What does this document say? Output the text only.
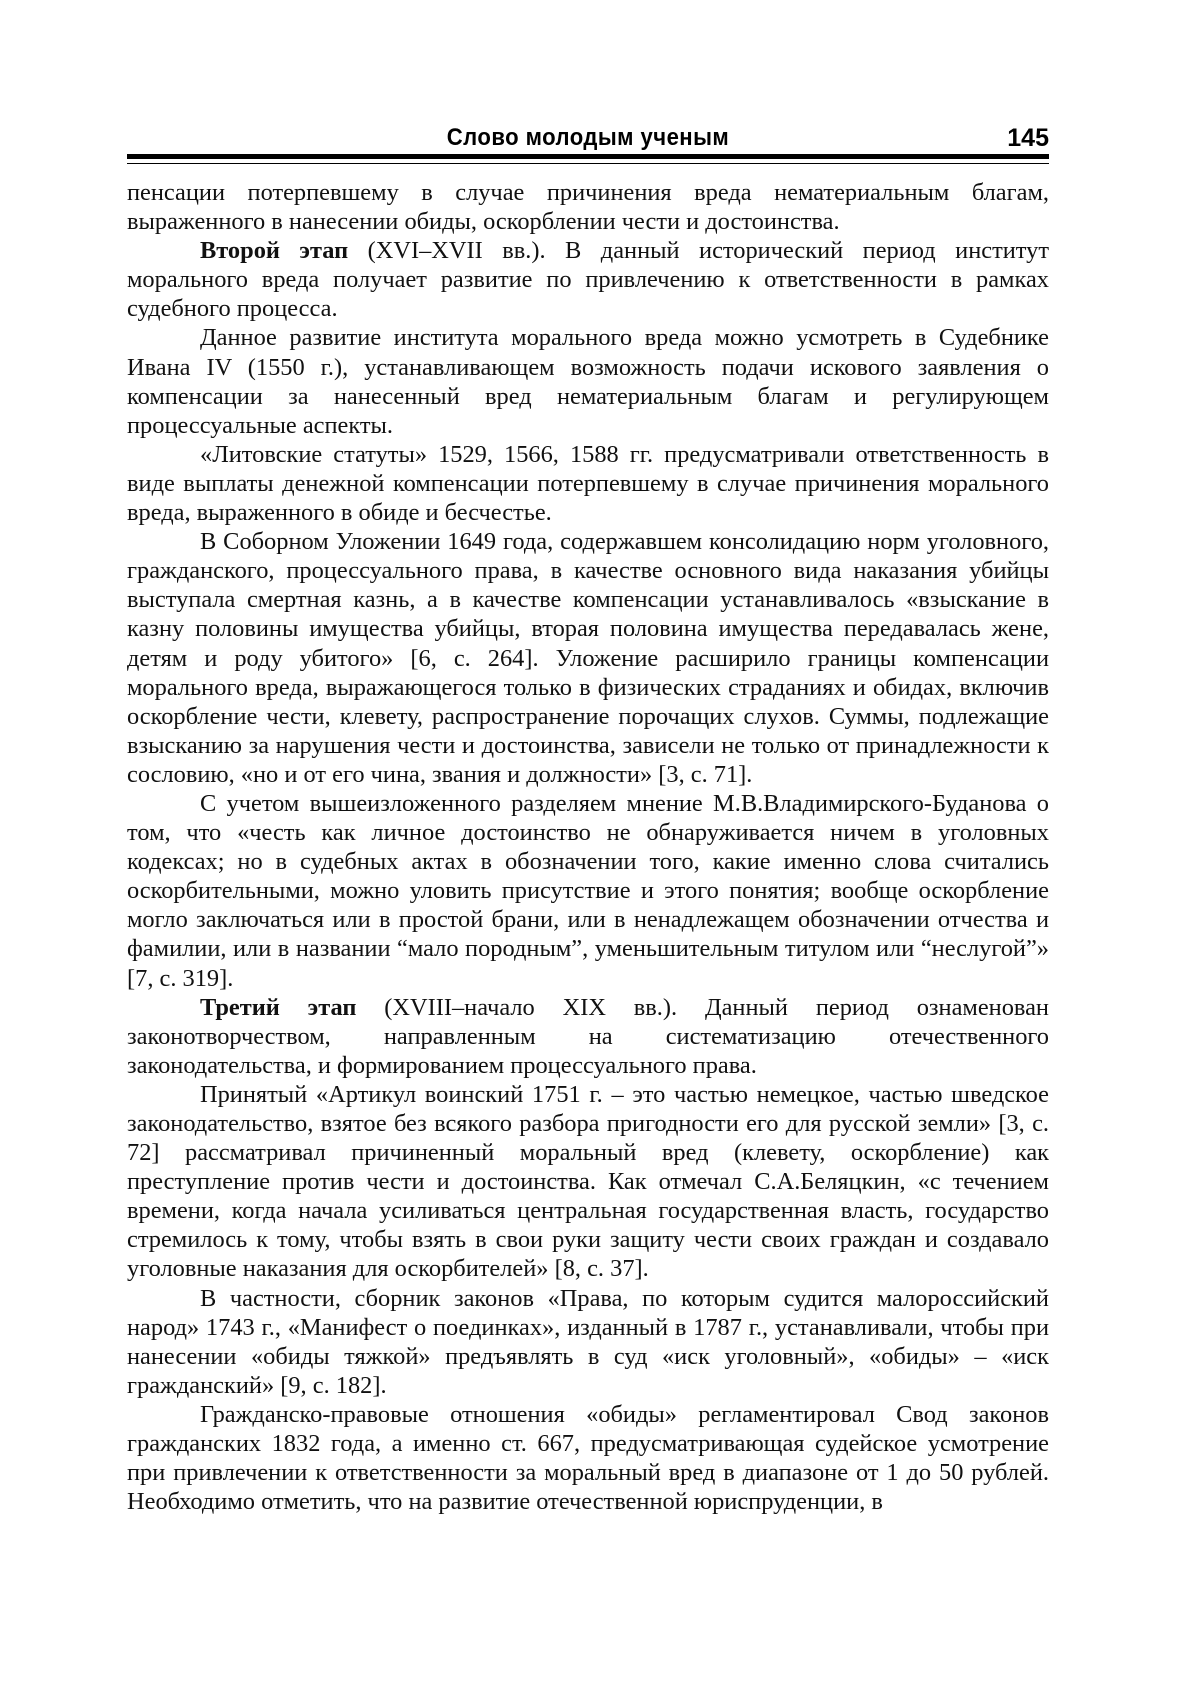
Слово молодым ученым	145

пенсации потерпевшему в случае причинения вреда нематериальным благам, выраженного в нанесении обиды, оскорблении чести и достоинства.

Второй этап (XVI–XVII вв.). В данный исторический период институт морального вреда получает развитие по привлечению к ответственности в рамках судебного процесса.

Данное развитие института морального вреда можно усмотреть в Судебнике Ивана IV (1550 г.), устанавливающем возможность подачи искового заявления о компенсации за нанесенный вред нематериальным благам и регулирующем процессуальные аспекты.

«Литовские статуты» 1529, 1566, 1588 гг. предусматривали ответственность в виде выплаты денежной компенсации потерпевшему в случае причинения морального вреда, выраженного в обиде и бесчестье.

В Соборном Уложении 1649 года, содержавшем консолидацию норм уголовного, гражданского, процессуального права, в качестве основного вида наказания убийцы выступала смертная казнь, а в качестве компенсации устанавливалось «взыскание в казну половины имущества убийцы, вторая половина имущества передавалась жене, детям и роду убитого» [6, с. 264]. Уложение расширило границы компенсации морального вреда, выражающегося только в физических страданиях и обидах, включив оскорбление чести, клевету, распространение порочащих слухов. Суммы, подлежащие взысканию за нарушения чести и достоинства, зависели не только от принадлежности к сословию, «но и от его чина, звания и должности» [3, с. 71].

С учетом вышеизложенного разделяем мнение М.В.Владимирского-Буданова о том, что «честь как личное достоинство не обнаруживается ничем в уголовных кодексах; но в судебных актах в обозначении того, какие именно слова считались оскорбительными, можно уловить присутствие и этого понятия; вообще оскорбление могло заключаться или в простой брани, или в ненадлежащем обозначении отчества и фамилии, или в названии “мало породным”, уменьшительным титулом или “неслугой”» [7, с. 319].

Третий этап (XVIII–начало XIX вв.). Данный период ознаменован законотворчеством, направленным на систематизацию отечественного законодательства, и формированием процессуального права.

Принятый «Артикул воинский 1751 г. – это частью немецкое, частью шведское законодательство, взятое без всякого разбора пригодности его для русской земли» [3, с. 72] рассматривал причиненный моральный вред (клевету, оскорбление) как преступление против чести и достоинства. Как отмечал С.А.Беляцкин, «с течением времени, когда начала усиливаться центральная государственная власть, государство стремилось к тому, чтобы взять в свои руки защиту чести своих граждан и создавало уголовные наказания для оскорбителей» [8, с. 37].

В частности, сборник законов «Права, по которым судится малороссийский народ» 1743 г., «Манифест о поединках», изданный в 1787 г., устанавливали, чтобы при нанесении «обиды тяжкой» предъявлять в суд «иск уголовный», «обиды» – «иск гражданский» [9, с. 182].

Гражданско-правовые отношения «обиды» регламентировал Свод законов гражданских 1832 года, а именно ст. 667, предусматривающая судейское усмотрение при привлечении к ответственности за моральный вред в диапазоне от 1 до 50 рублей. Необходимо отметить, что на развитие отечественной юриспруденции, в
